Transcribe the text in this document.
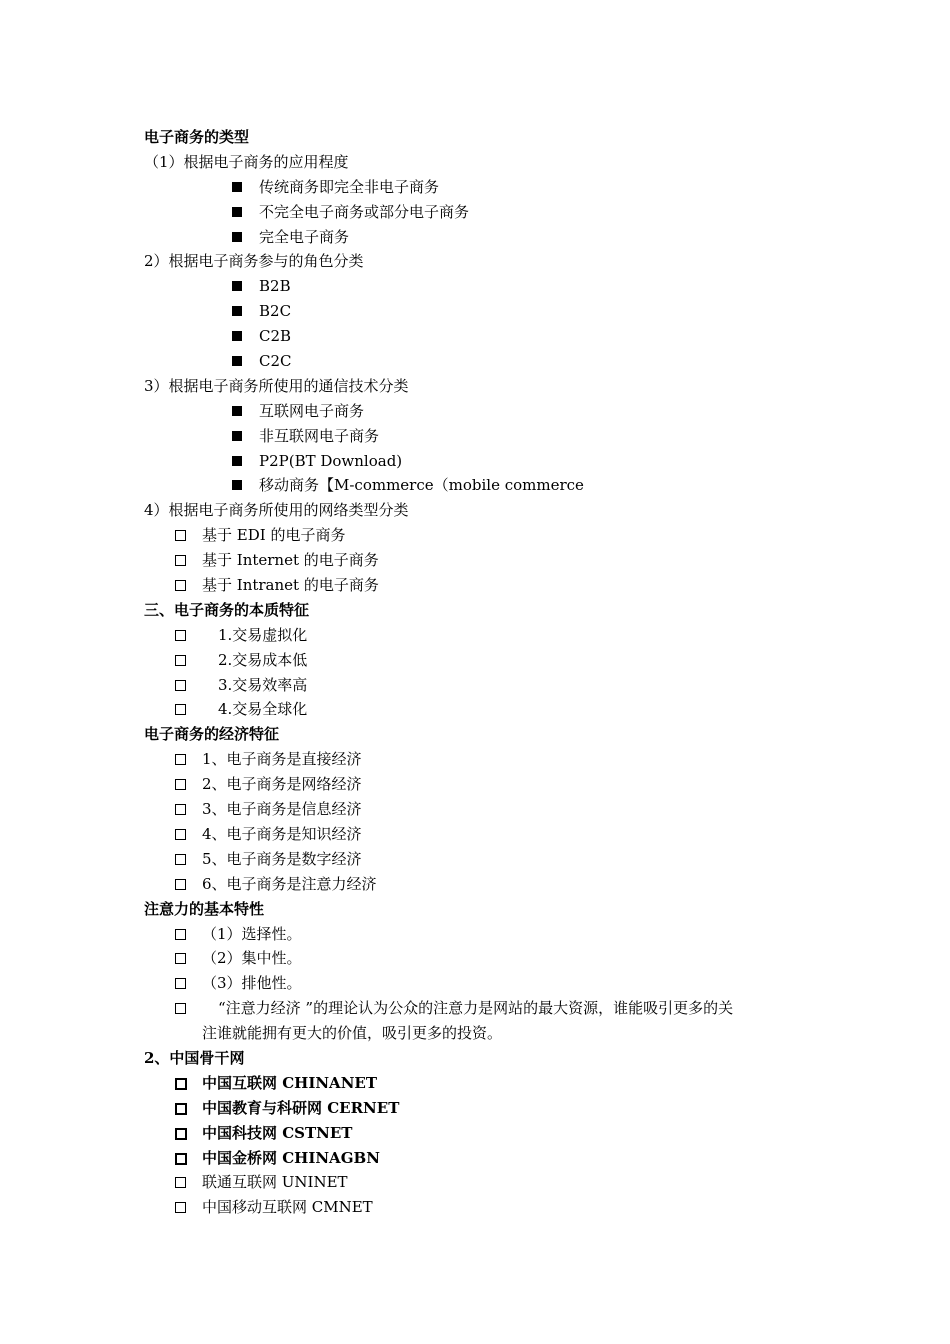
电子商务的类型
（1）根据电子商务的应用程度
传统商务即完全非电子商务
不完全电子商务或部分电子商务
完全电子商务
2）根据电子商务参与的角色分类
B2B
B2C
C2B
C2C
3）根据电子商务所使用的通信技术分类
互联网电子商务
非互联网电子商务
P2P(BT Download)
移动商务【M-commerce（mobile commerce
4）根据电子商务所使用的网络类型分类
基于 EDI 的电子商务
基于 Internet 的电子商务
基于 Intranet 的电子商务
三、电子商务的本质特征
1.交易虚拟化
2.交易成本低
3.交易效率高
4.交易全球化
电子商务的经济特征
1、电子商务是直接经济
2、电子商务是网络经济
3、电子商务是信息经济
4、电子商务是知识经济
5、电子商务是数字经济
6、电子商务是注意力经济
注意力的基本特性
（1）选择性。
（2）集中性。
（3）排他性。
“注意力经济 ”的理论认为公众的注意力是网站的最大资源，谁能吸引更多的关
注谁就能拥有更大的价值，吸引更多的投资。
2、中国骨干网
中国互联网 CHINANET
中国教育与科研网 CERNET
中国科技网 CSTNET
中国金桥网 CHINAGBN
联通互联网 UNINET
中国移动互联网 CMNET
